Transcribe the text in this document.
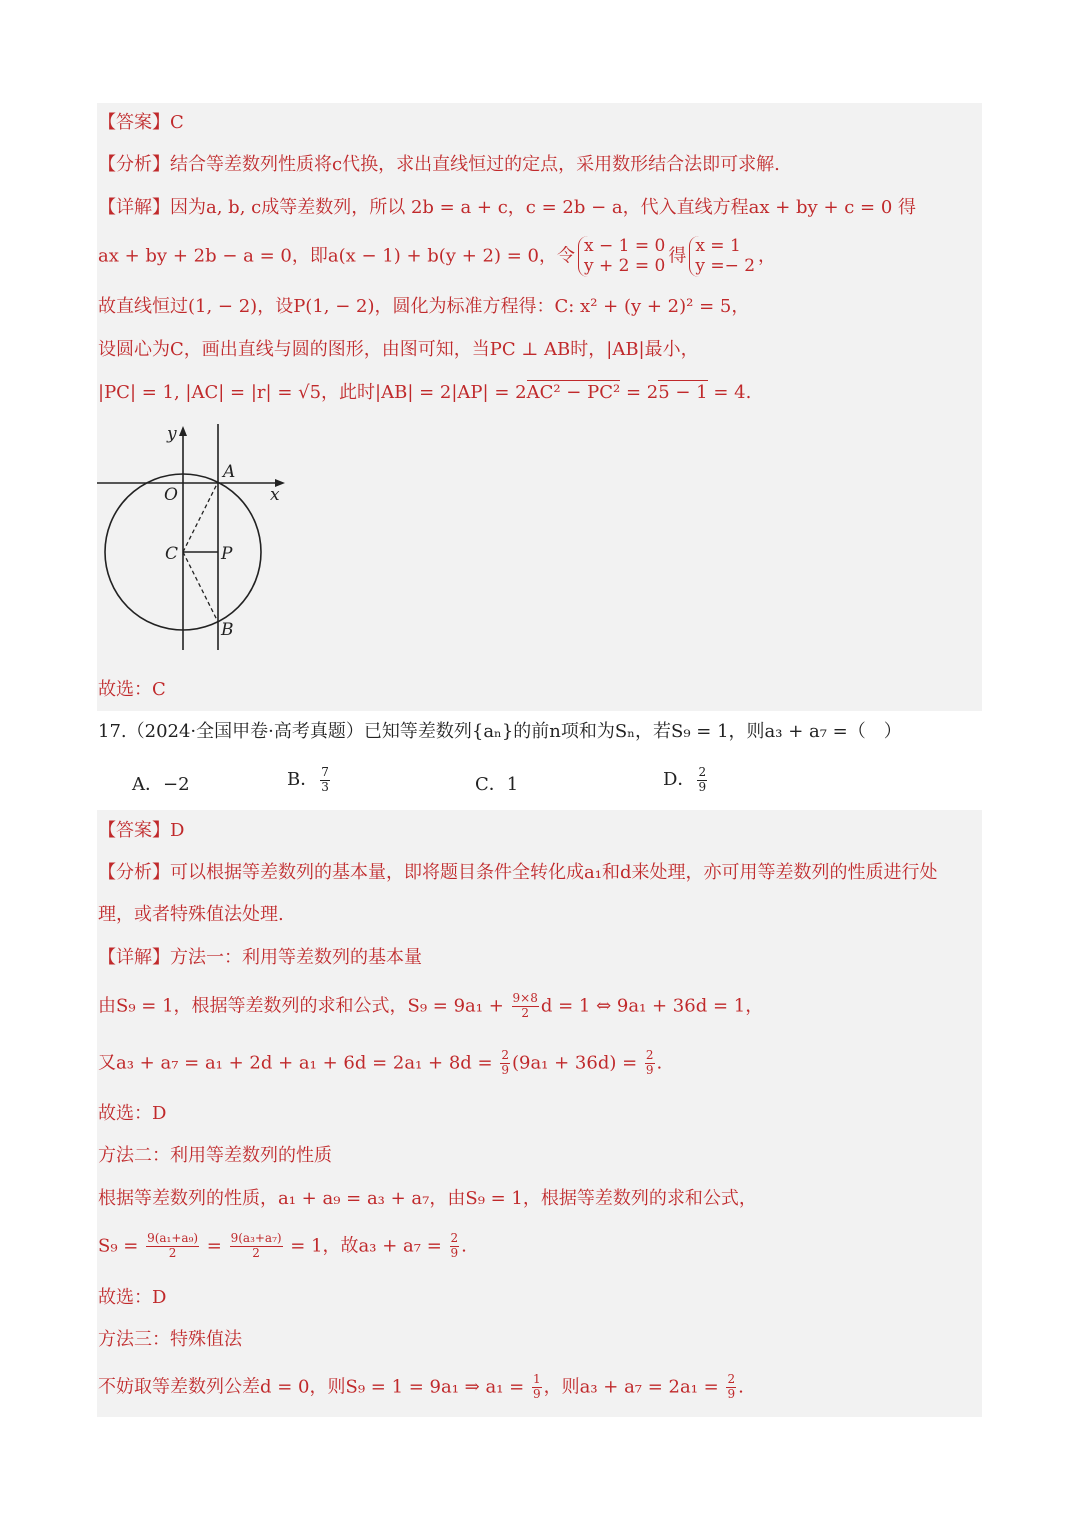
【答案】C
【分析】结合等差数列性质将c代换，求出直线恒过的定点，采用数形结合法即可求解.
【详解】因为a, b, c成等差数列，所以 2b = a + c，c = 2b − a，代入直线方程ax + by + c = 0 得
ax + by + 2b − a = 0，即a(x − 1) + b(y + 2) = 0，令 x − 1 = 0
y + 2 = 0 得 x = 1
y =− 2 ，
故直线恒过(1, − 2)，设P(1, − 2)，圆化为标准方程得：C: x² + (y + 2)² = 5，
设圆心为C，画出直线与圆的图形，由图可知，当PC ⊥ AB时，|AB|最小，
|PC| = 1, |AC| = |r| = √5，此时|AB| = 2|AP| = 2AC² − PC² = 25 − 1 = 4.
y
x
O
A
C	P
B
故选：C
17.（2024·全国甲卷·高考真题）已知等差数列{aₙ}的前n项和为Sₙ，若S₉ = 1，则a₃ + a₇ =（　）
A．−2	B． $\frac{7}{3}$	C．1	D． $\frac{2}{9}$
【答案】D
【分析】可以根据等差数列的基本量，即将题目条件全转化成a₁和d来处理，亦可用等差数列的性质进行处
理，或者特殊值法处理.
【详解】方法一：利用等差数列的基本量
由S₉ = 1，根据等差数列的求和公式，$S_9 = 9a_1 + \frac{9\times 8}{2}$ d = 1 ⇔ 9a₁ + 36d = 1，
又$a_3 + a_7 = a_1 + 2d + a_1 + 6d = 2a_1 + 8d = \frac{2}{9} (9a_1 + 36d) = \frac{2}{9}$ .
故选：D
方法二：利用等差数列的性质
根据等差数列的性质，a₁ + a₉ = a₃ + a₇，由S₉ = 1，根据等差数列的求和公式，
$S_9 = \frac{\text{9(a₁+a₉)}}{2} = \frac{\text{9(a₃+a₇)}}{2} = 1$，故$a_3 + a_7 = \frac{2}{9}$ .
故选：D
方法三：特殊值法
不妨取等差数列公差d = 0，则S₉ = 1 = 9a₁ ⇒ $a_1 = \frac{1}{9}$ ，则$a_3 + a_7 = 2a_1 = \frac{2}{9}$ .
